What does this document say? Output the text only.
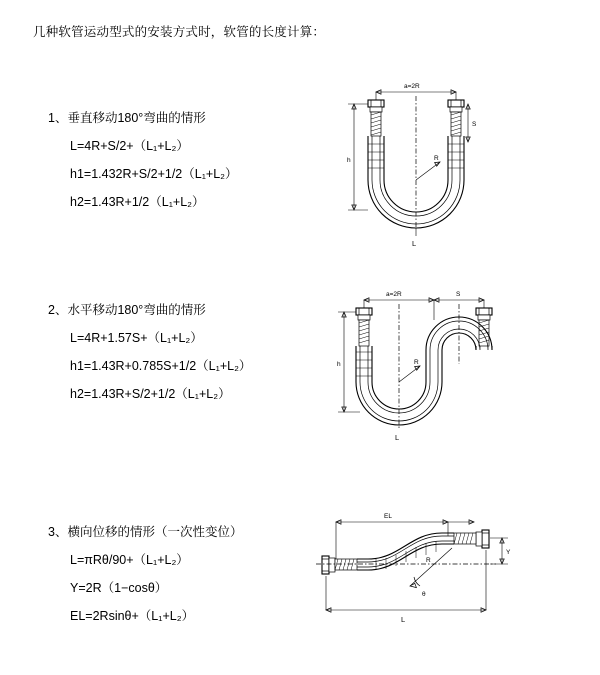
几种软管运动型式的安装方式时，软管的长度计算：
1、垂直移动180°弯曲的情形
L=4R+S/2+（L₁+L₂）
h1=1.432R+S/2+1/2（L₁+L₂）
h2=1.43R+1/2（L₁+L₂）
a=2R
S
R
h
L
2、水平移动180°弯曲的情形
L=4R+1.57S+（L₁+L₂）
h1=1.43R+0.785S+1/2（L₁+L₂）
h2=1.43R+S/2+1/2（L₁+L₂）
a=2R	S
R
h
L
3、横向位移的情形（一次性变位）
L=πRθ/90+（L₁+L₂）
Y=2R（1−cosθ）
EL=2Rsinθ+（L₁+L₂）
EL
R
θ
Y
L
